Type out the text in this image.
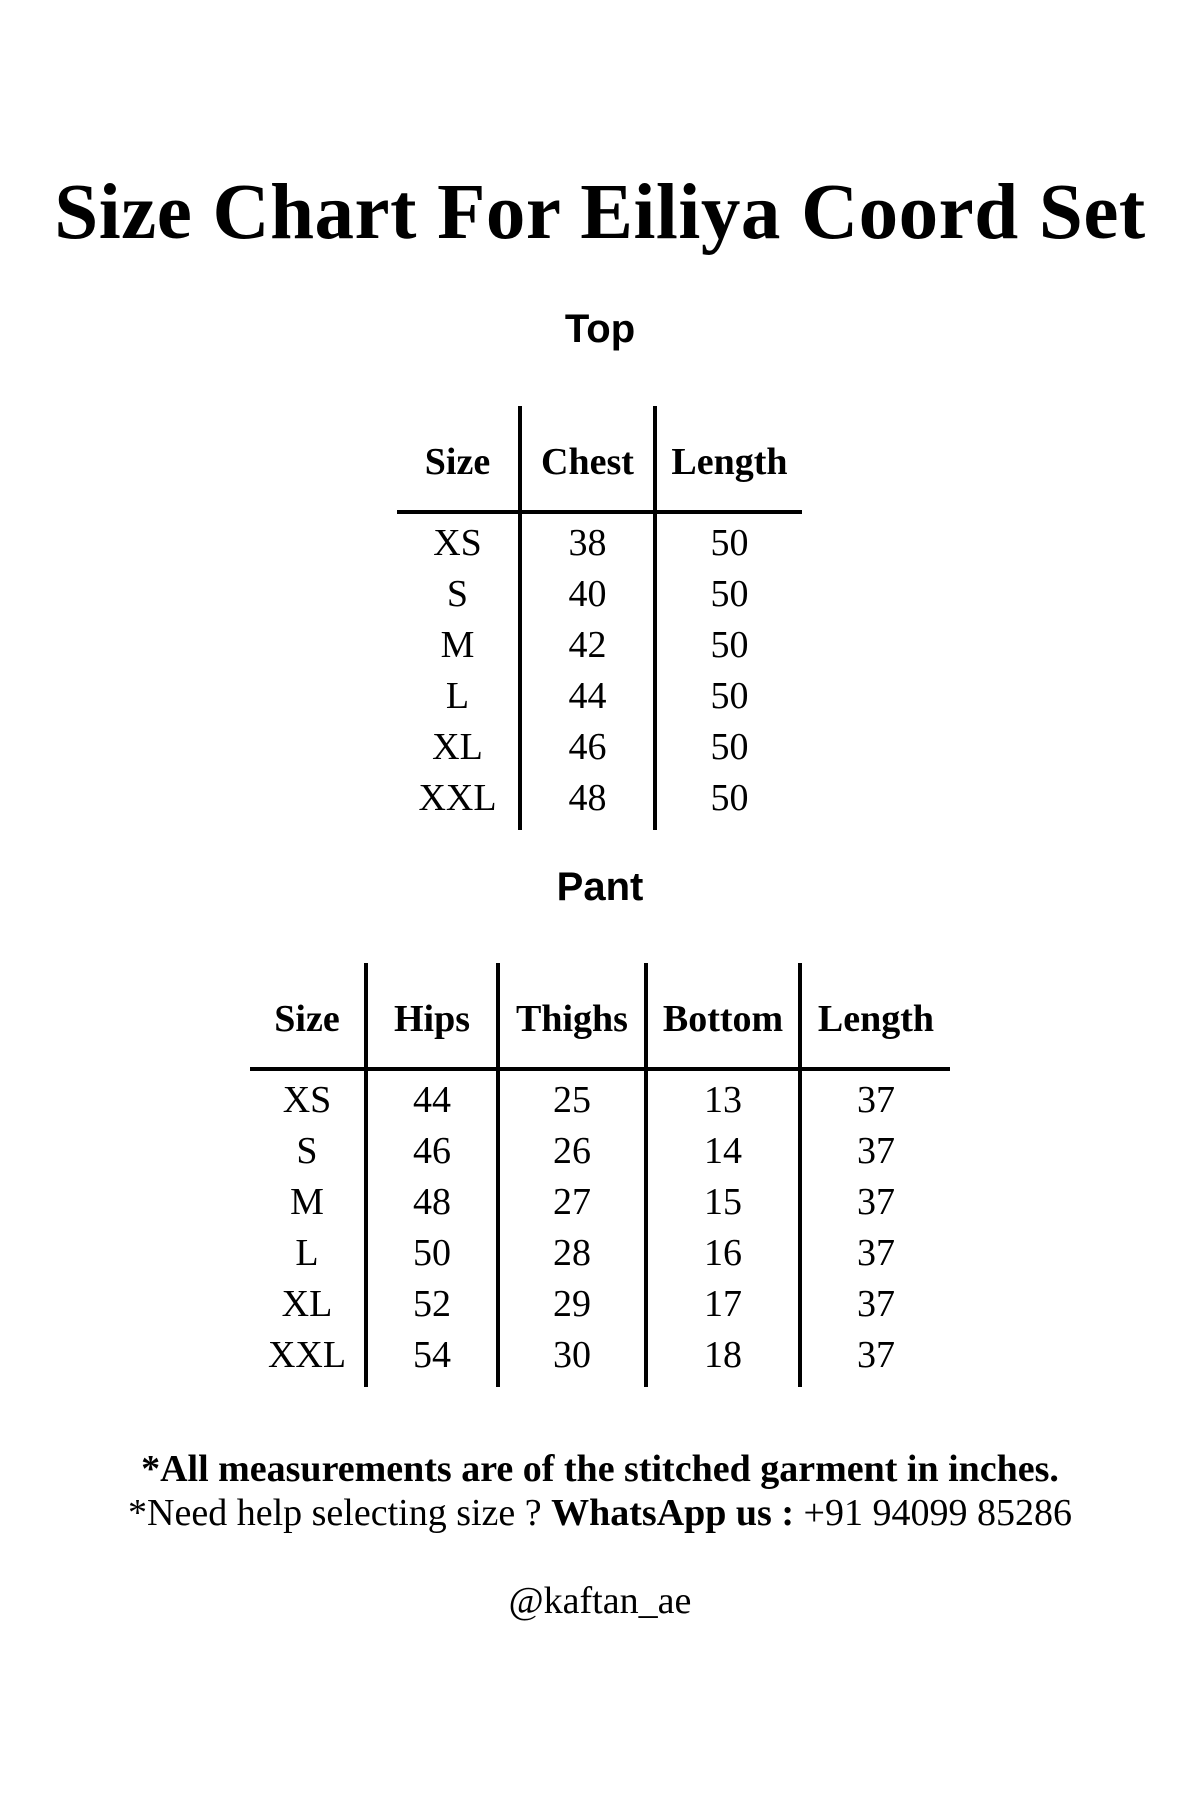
Size Chart For Eiliya Coord Set
Top
Size	Chest	Length
XS	38	50
S	40	50
M	42	50
L	44	50
XL	46	50
XXL	48	50
Pant
Size	Hips	Thighs	Bottom	Length
XS	44	25	13	37
S	46	26	14	37
M	48	27	15	37
L	50	28	16	37
XL	52	29	17	37
XXL	54	30	18	37
*All measurements are of the stitched garment in inches.
*Need help selecting size ? WhatsApp us : +91 94099 85286
@kaftan_ae
